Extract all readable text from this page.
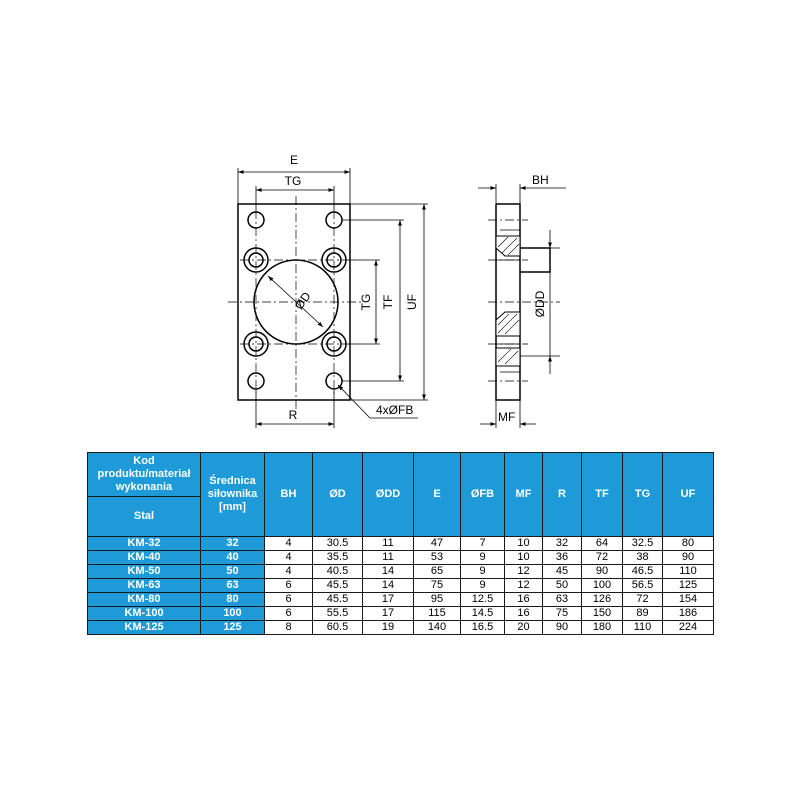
ØD
E
TG
TG TF UF
R	4xØFB
BH
ØDD
MF
Kod produktu/materiał wykonania	Średnica siłownika [mm]	BH	ØD	ØDD	E	ØFB	MF	R	TF	TG	UF
Stal											
KM-32	32	4	30.5	11	47	7	10	32	64	32.5	80
KM-40	40	4	35.5	11	53	9	10	36	72	38	90
KM-50	50	4	40.5	14	65	9	12	45	90	46.5	110
KM-63	63	6	45.5	14	75	9	12	50	100	56.5	125
KM-80	80	6	45.5	17	95	12.5	16	63	126	72	154
KM-100	100	6	55.5	17	115	14.5	16	75	150	89	186
KM-125	125	8	60.5	19	140	16.5	20	90	180	110	224
